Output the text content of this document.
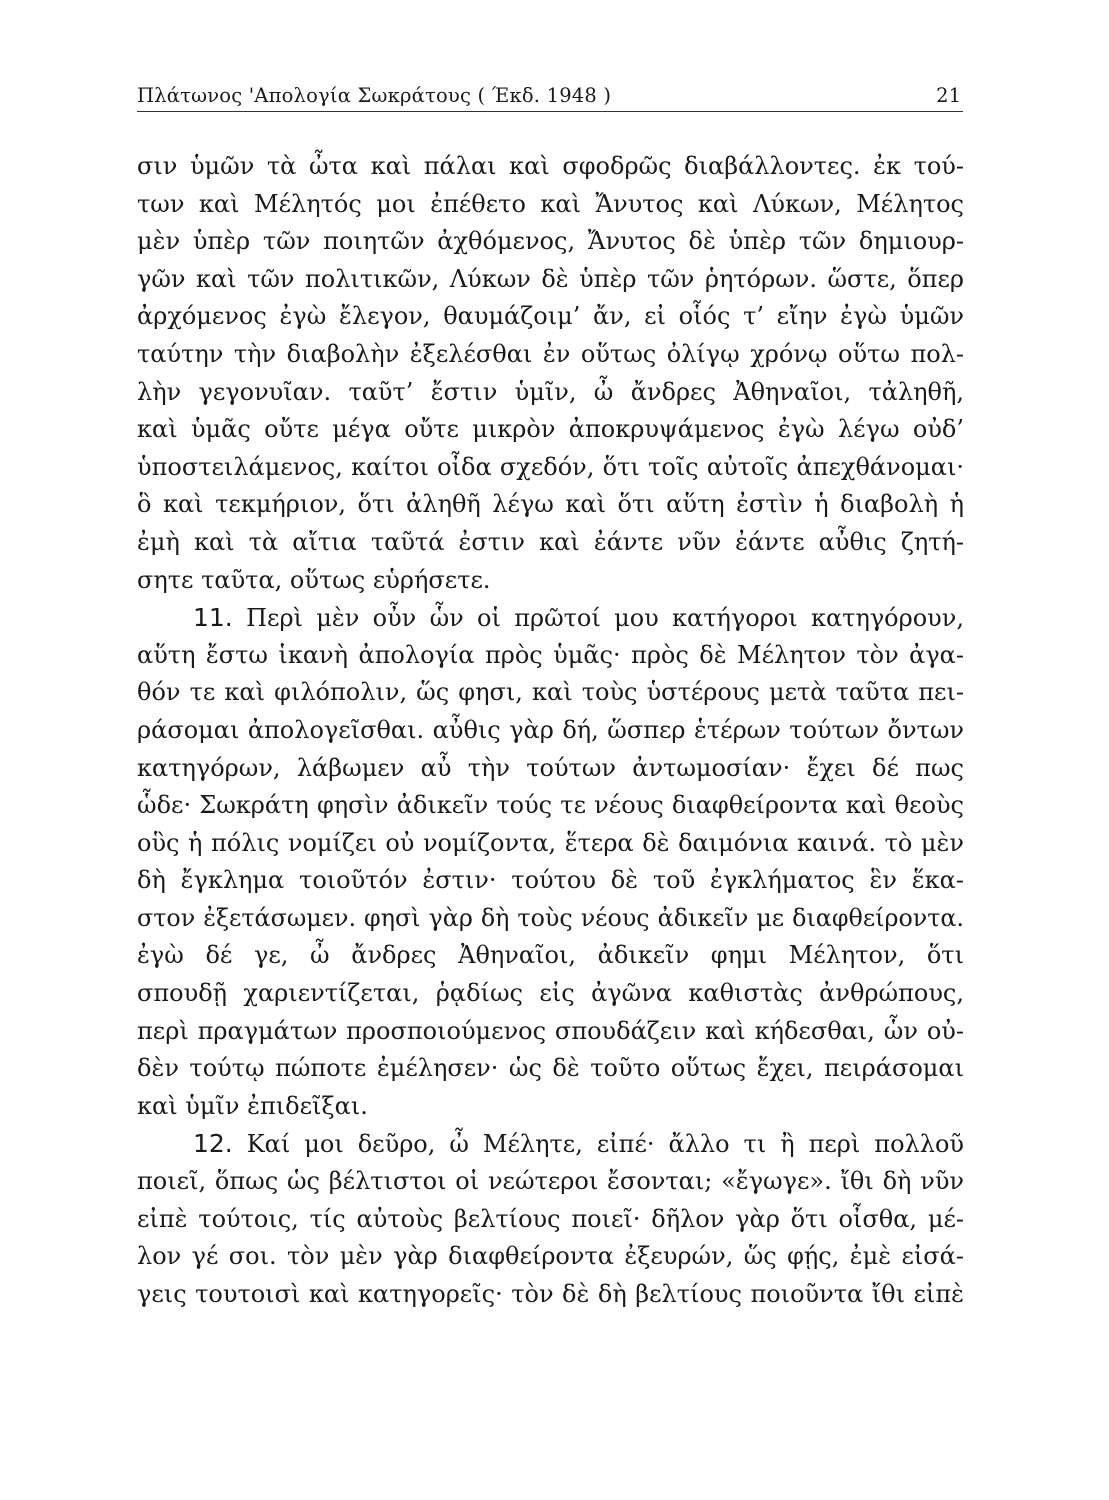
Πλάτωνος 'Απολογία Σωκράτους ( Έκδ. 1948 )	21
σιν ὑμῶν τὰ ὦτα καὶ πάλαι καὶ σφοδρῶς διαβάλλοντες. ἐκ τού-
των καὶ Μέλητός μοι ἐπέθετο καὶ Ἄνυτος καὶ Λύκων, Μέλητος
μὲν ὑπὲρ τῶν ποιητῶν ἀχθόμενος, Ἄνυτος δὲ ὑπὲρ τῶν δημιουρ-
γῶν καὶ τῶν πολιτικῶν, Λύκων δὲ ὑπὲρ τῶν ῥητόρων. ὥστε, ὅπερ
ἀρχόμενος ἐγὼ ἔλεγον, θαυμάζοιμ’ ἄν, εἰ οἷός τ’ εἴην ἐγὼ ὑμῶν
ταύτην τὴν διαβολὴν ἐξελέσθαι ἐν οὕτως ὀλίγῳ χρόνῳ οὕτω πολ-
λὴν γεγονυῖαν. ταῦτ’ ἔστιν ὑμῖν, ὦ ἄνδρες Ἀθηναῖοι, τἀληθῆ,
καὶ ὑμᾶς οὔτε μέγα οὔτε μικρὸν ἀποκρυψάμενος ἐγὼ λέγω οὐδ’
ὑποστειλάμενος, καίτοι οἶδα σχεδόν, ὅτι τοῖς αὐτοῖς ἀπεχθάνομαι·
ὃ καὶ τεκμήριον, ὅτι ἀληθῆ λέγω καὶ ὅτι αὕτη ἐστὶν ἡ διαβολὴ ἡ
ἐμὴ καὶ τὰ αἴτια ταῦτά ἐστιν καὶ ἐάντε νῦν ἐάντε αὖθις ζητή-
σητε ταῦτα, οὕτως εὑρήσετε.
11. Περὶ μὲν οὖν ὧν οἱ πρῶτοί μου κατήγοροι κατηγόρουν,
αὕτη ἔστω ἱκανὴ ἀπολογία πρὸς ὑμᾶς· πρὸς δὲ Μέλητον τὸν ἀγα-
θόν τε καὶ φιλόπολιν, ὥς φησι, καὶ τοὺς ὑστέρους μετὰ ταῦτα πει-
ράσομαι ἀπολογεῖσθαι. αὖθις γὰρ δή, ὥσπερ ἑτέρων τούτων ὄντων
κατηγόρων, λάβωμεν αὖ τὴν τούτων ἀντωμοσίαν· ἔχει δέ πως
ὧδε· Σωκράτη φησὶν ἀδικεῖν τούς τε νέους διαφθείροντα καὶ θεοὺς
οὓς ἡ πόλις νομίζει οὐ νομίζοντα, ἕτερα δὲ δαιμόνια καινά. τὸ μὲν
δὴ ἔγκλημα τοιοῦτόν ἐστιν· τούτου δὲ τοῦ ἐγκλήματος ἓν ἕκα-
στον ἐξετάσωμεν. φησὶ γὰρ δὴ τοὺς νέους ἀδικεῖν με διαφθείροντα.
ἐγὼ δέ γε, ὦ ἄνδρες Ἀθηναῖοι, ἀδικεῖν φημι Μέλητον, ὅτι
σπουδῇ χαριεντίζεται, ῥᾳδίως εἰς ἀγῶνα καθιστὰς ἀνθρώπους,
περὶ πραγμάτων προσποιούμενος σπουδάζειν καὶ κήδεσθαι, ὧν οὐ-
δὲν τούτῳ πώποτε ἐμέλησεν· ὡς δὲ τοῦτο οὕτως ἔχει, πειράσομαι
καὶ ὑμῖν ἐπιδεῖξαι.
12. Καί μοι δεῦρο, ὦ Μέλητε, εἰπέ· ἄλλο τι ἢ περὶ πολλοῦ
ποιεῖ, ὅπως ὡς βέλτιστοι οἱ νεώτεροι ἔσονται; «ἔγωγε». ἴθι δὴ νῦν
εἰπὲ τούτοις, τίς αὐτοὺς βελτίους ποιεῖ· δῆλον γὰρ ὅτι οἶσθα, μέ-
λον γέ σοι. τὸν μὲν γὰρ διαφθείροντα ἐξευρών, ὥς φῄς, ἐμὲ εἰσά-
γεις τουτοισὶ καὶ κατηγορεῖς· τὸν δὲ δὴ βελτίους ποιοῦντα ἴθι εἰπὲ
